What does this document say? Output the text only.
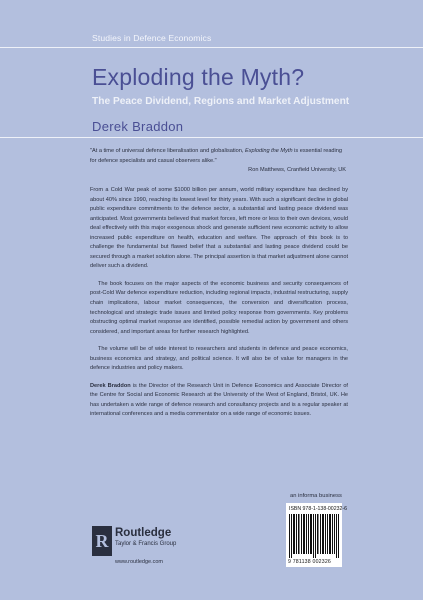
Studies in Defence Economics
Exploding the Myth?
The Peace Dividend, Regions and Market Adjustment
Derek Braddon
"At a time of universal defence liberalisation and globalisation, Exploding the Myth is essential reading for defence specialists and casual observers alike."
Ron Matthews, Cranfield University, UK

From a Cold War peak of some $1000 billion per annum, world military expenditure has declined by about 40% since 1990, reaching its lowest level for thirty years. With such a significant decline in global public expenditure commitments to the defence sector, a substantial and lasting peace dividend was anticipated. Most governments believed that market forces, left more or less to their own devices, would deal effectively with this major exogenous shock and generate sufficient new economic activity to allow increased public expenditure on health, education and welfare. The approach of this book is to challenge the fundamental but flawed belief that a substantial and lasting peace dividend could be secured through a market solution alone. The principal assertion is that market adjustment alone cannot deliver such a dividend.

The book focuses on the major aspects of the economic business and security consequences of post-Cold War defence expenditure reduction, including regional impacts, industrial restructuring, supply chain implications, labour market consequences, the conversion and diversification process, technological and strategic trade issues and limited policy response from governments. Key problems obstructing optimal market response are identified, possible remedial action by government and others considered, and important areas for further research highlighted.

The volume will be of wide interest to researchers and students in defence and peace economics, business economics and strategy, and political science. It will also be of value for managers in the defence industries and policy makers.

Derek Braddon is the Director of the Research Unit in Defence Economics and Associate Director of the Centre for Social and Economic Research at the University of the West of England, Bristol, UK. He has undertaken a wide range of defence research and consultancy projects and is a regular speaker at international conferences and a media commentator on a wide range of economic issues.

an informa business
ISBN 978-1-138-00232-6
9 781138 002326
R Routledge
Taylor & Francis Group
www.routledge.com
